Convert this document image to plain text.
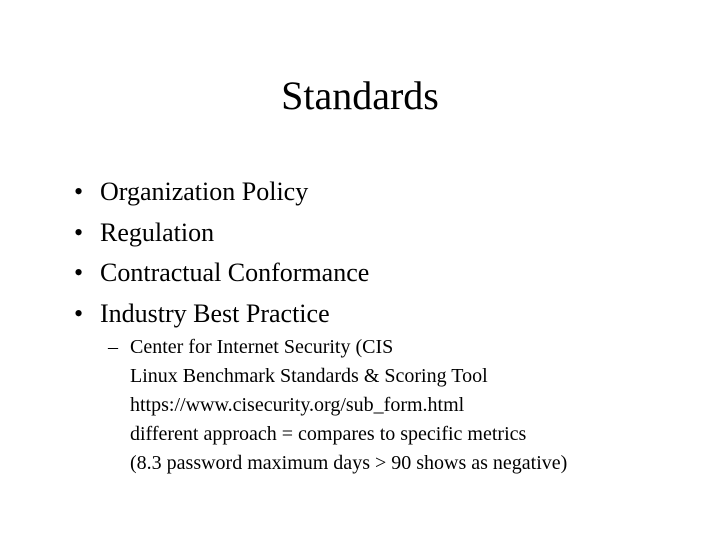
Standards
• Organization Policy
• Regulation
• Contractual Conformance
• Industry Best Practice
– Center for Internet Security (CIS
Linux Benchmark Standards & Scoring Tool
https://www.cisecurity.org/sub_form.html
different approach = compares to specific metrics
(8.3 password maximum days > 90 shows as negative)
